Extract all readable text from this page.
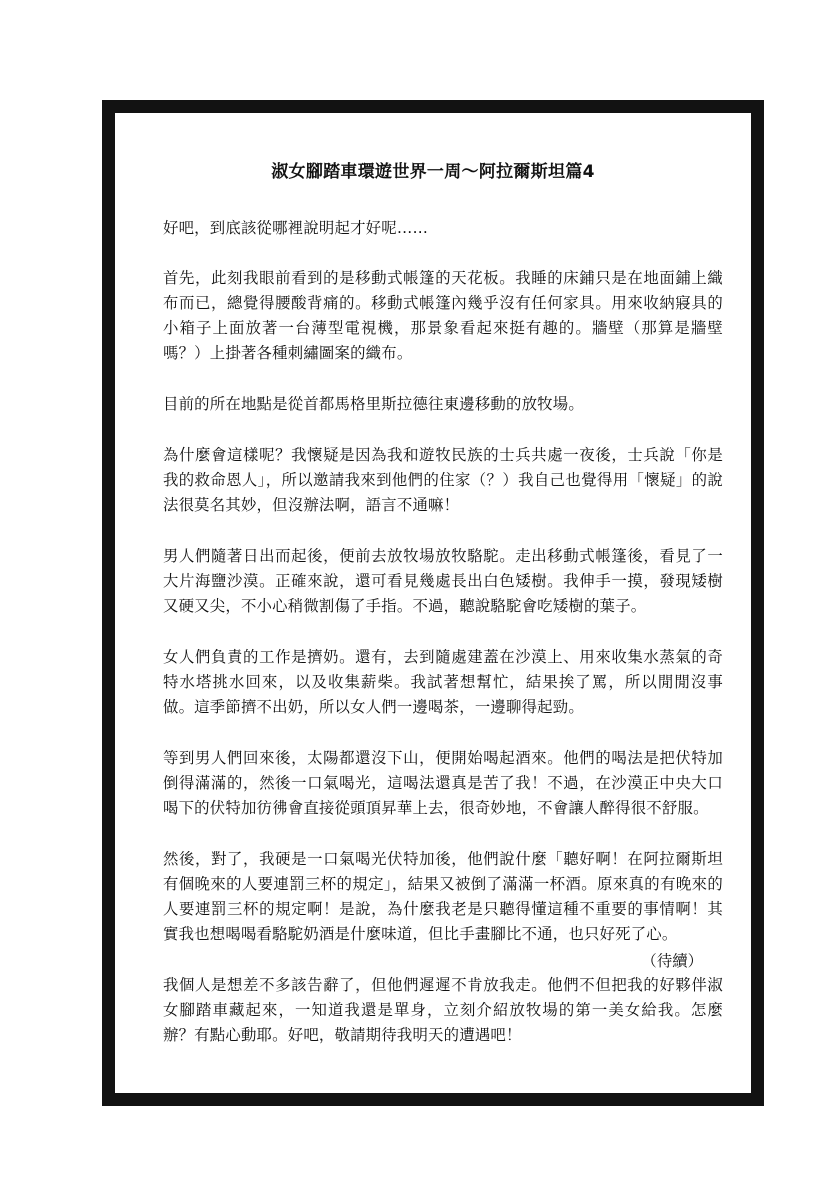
淑女腳踏車環遊世界一周～阿拉爾斯坦篇4

好吧，到底該從哪裡說明起才好呢……

首先，此刻我眼前看到的是移動式帳篷的天花板。我睡的床鋪只是在地面鋪上織布而已，總覺得腰酸背痛的。移動式帳篷內幾乎沒有任何家具。用來收納寢具的小箱子上面放著一台薄型電視機，那景象看起來挺有趣的。牆壁（那算是牆壁嗎？）上掛著各種刺繡圖案的織布。

目前的所在地點是從首都馬格里斯拉德往東邊移動的放牧場。

為什麼會這樣呢？我懷疑是因為我和遊牧民族的士兵共處一夜後，士兵說「你是我的救命恩人」，所以邀請我來到他們的住家（？）我自己也覺得用「懷疑」的說法很莫名其妙，但沒辦法啊，語言不通嘛！

男人們隨著日出而起後，便前去放牧場放牧駱駝。走出移動式帳篷後，看見了一大片海鹽沙漠。正確來說，還可看見幾處長出白色矮樹。我伸手一摸，發現矮樹又硬又尖，不小心稍微割傷了手指。不過，聽說駱駝會吃矮樹的葉子。

女人們負責的工作是擠奶。還有，去到隨處建蓋在沙漠上、用來收集水蒸氣的奇特水塔挑水回來，以及收集薪柴。我試著想幫忙，結果挨了罵，所以閒閒沒事做。這季節擠不出奶，所以女人們一邊喝茶，一邊聊得起勁。

等到男人們回來後，太陽都還沒下山，便開始喝起酒來。他們的喝法是把伏特加倒得滿滿的，然後一口氣喝光，這喝法還真是苦了我！不過，在沙漠正中央大口喝下的伏特加彷彿會直接從頭頂昇華上去，很奇妙地，不會讓人醉得很不舒服。

然後，對了，我硬是一口氣喝光伏特加後，他們說什麼「聽好啊！在阿拉爾斯坦有個晚來的人要連罰三杯的規定」，結果又被倒了滿滿一杯酒。原來真的有晚來的人要連罰三杯的規定啊！是說，為什麼我老是只聽得懂這種不重要的事情啊！其實我也想喝喝看駱駝奶酒是什麼味道，但比手畫腳比不通，也只好死了心。

我個人是想差不多該告辭了，但他們遲遲不肯放我走。他們不但把我的好夥伴淑女腳踏車藏起來，一知道我還是單身，立刻介紹放牧場的第一美女給我。怎麼辦？有點心動耶。好吧，敬請期待我明天的遭遇吧！

（待續）
